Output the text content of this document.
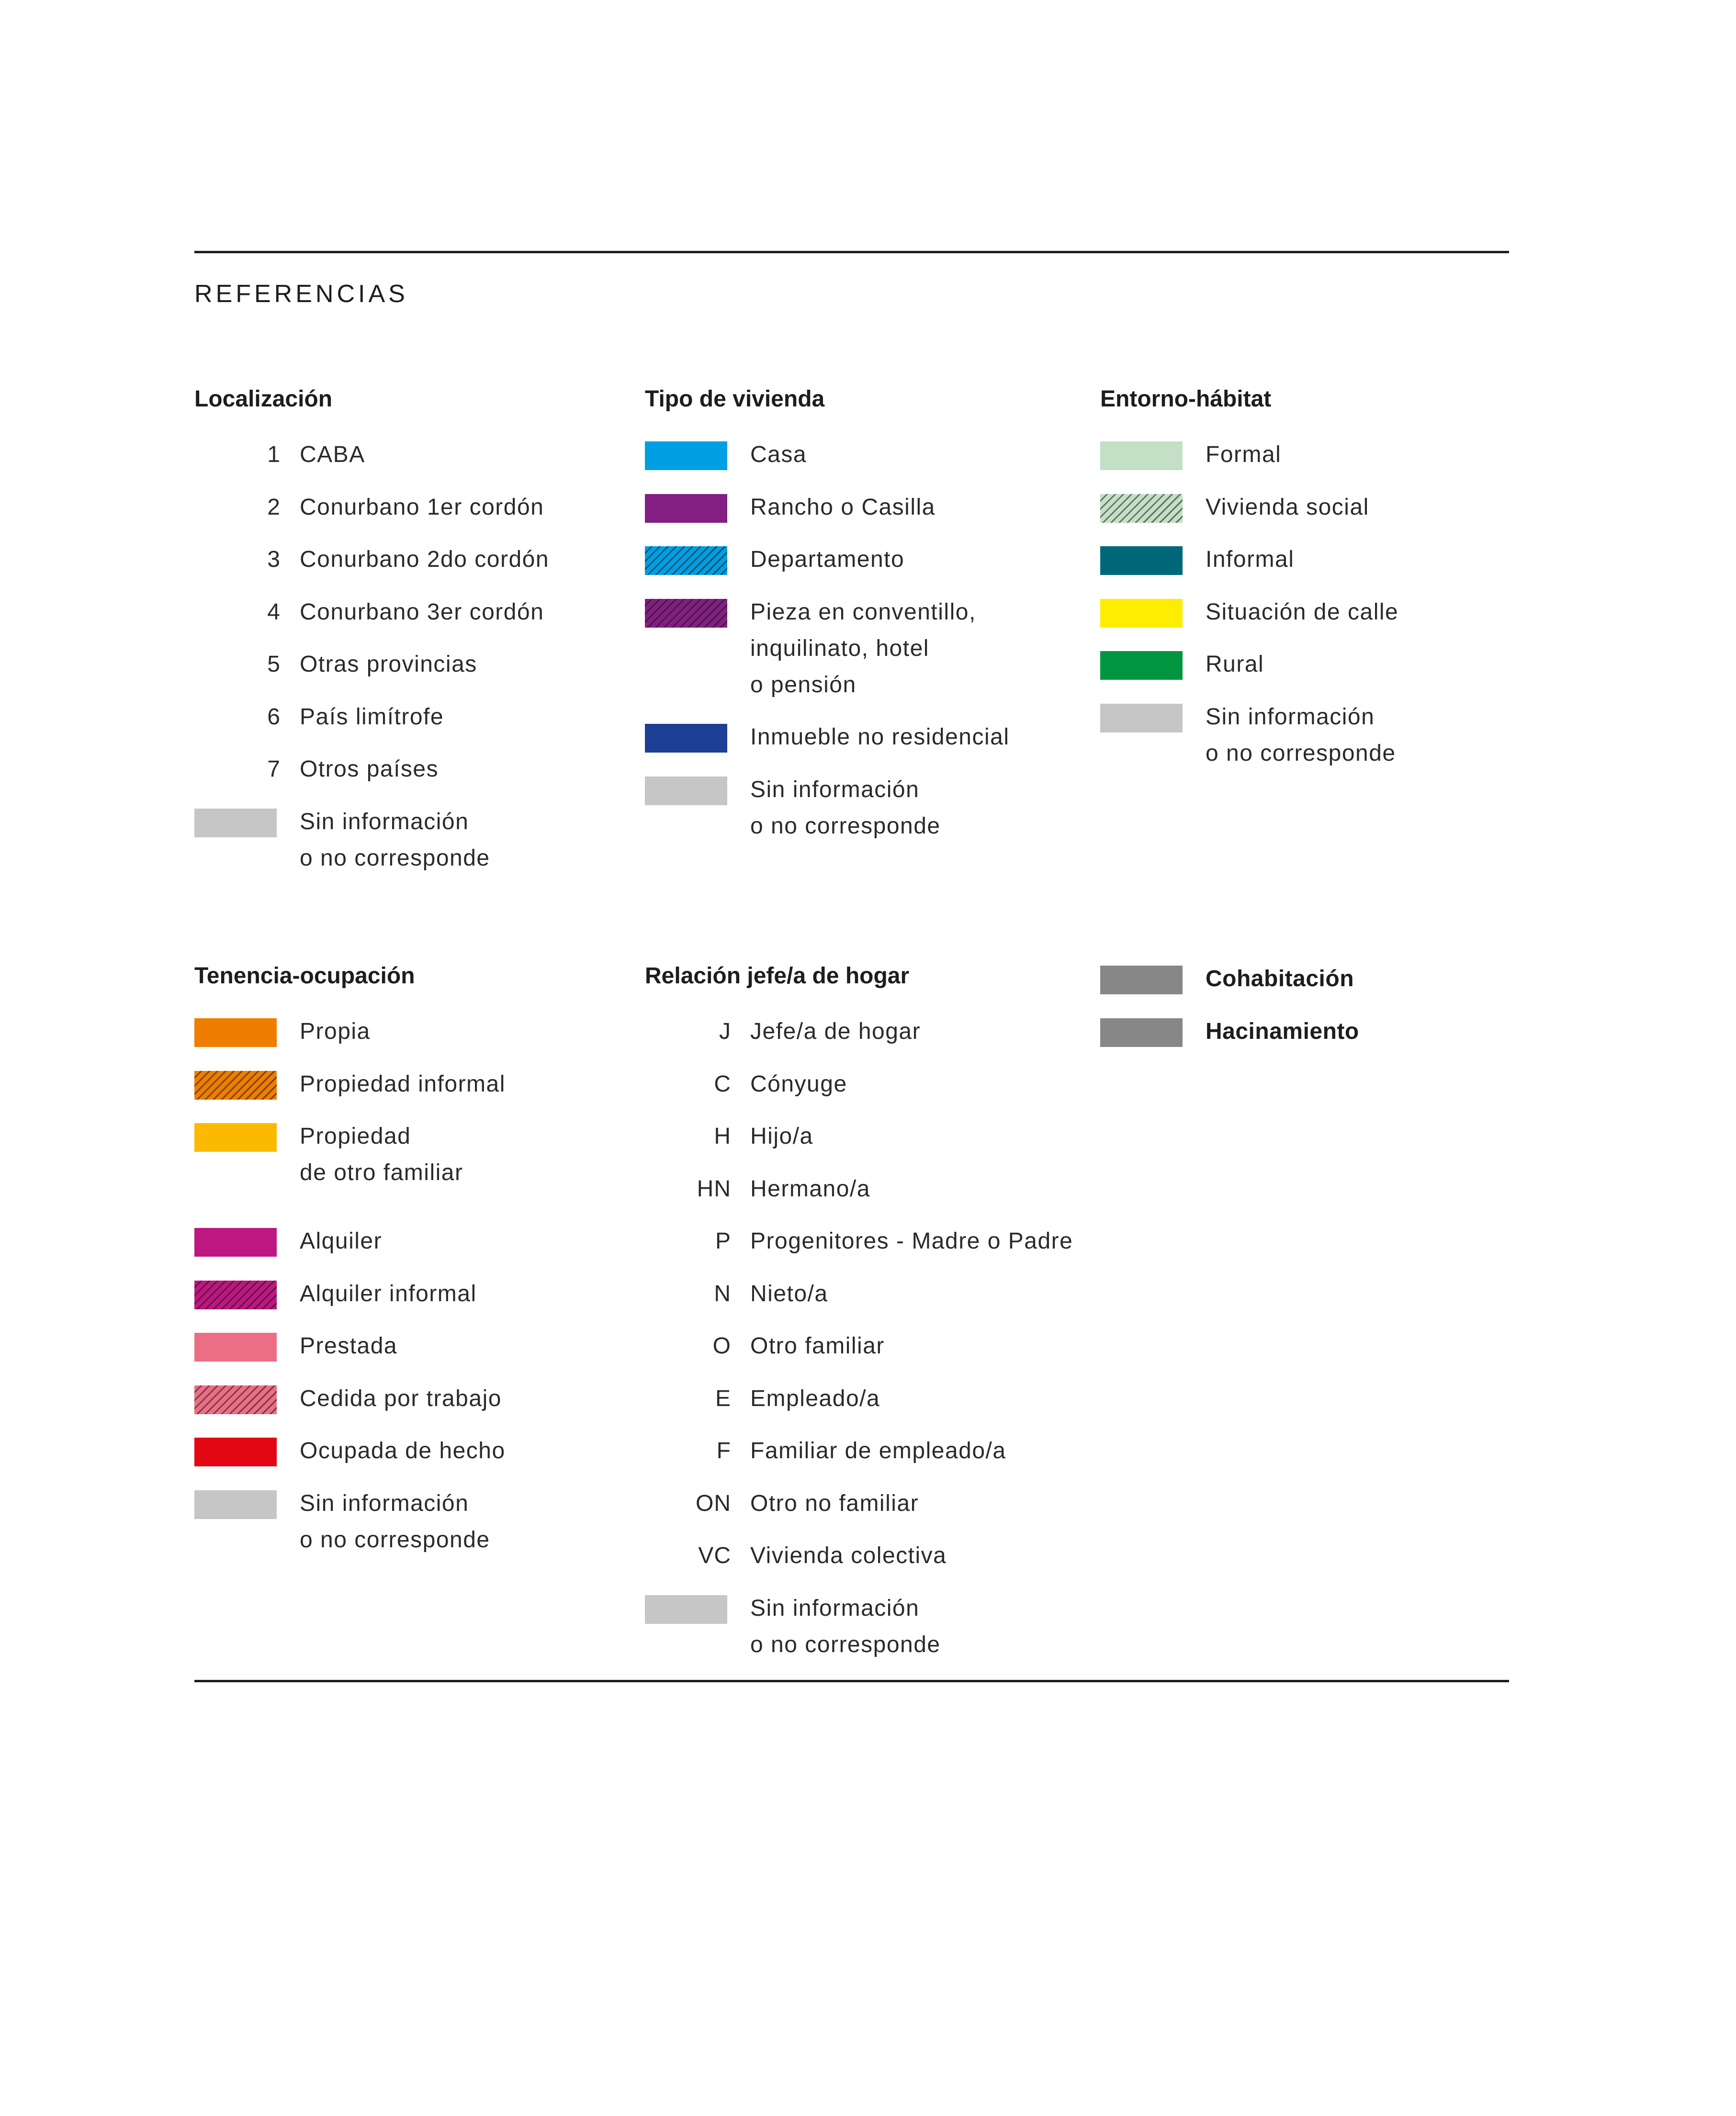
REFERENCIAS
Localización
1 CABA
2 Conurbano 1er cordón
3 Conurbano 2do cordón
4 Conurbano 3er cordón
5 Otras provincias
6 País limítrofe
7 Otros países
Sin información
o no corresponde
Tipo de vivienda
Casa
Rancho o Casilla
Departamento
Pieza en conventillo,
inquilinato, hotel
o pensión
Inmueble no residencial
Sin información
o no corresponde
Entorno-hábitat
Formal
Vivienda social
Informal
Situación de calle
Rural
Sin información
o no corresponde
Tenencia-ocupación
Propia
Propiedad informal
Propiedad
de otro familiar
Alquiler
Alquiler informal
Prestada
Cedida por trabajo
Ocupada de hecho
Sin información
o no corresponde
Relación jefe/a de hogar
J Jefe/a de hogar
C Cónyuge
H Hijo/a
HN Hermano/a
P Progenitores - Madre o Padre
N Nieto/a
O Otro familiar
E Empleado/a
F Familiar de empleado/a
ON Otro no familiar
VC Vivienda colectiva
Sin información
o no corresponde
Cohabitación
Hacinamiento
